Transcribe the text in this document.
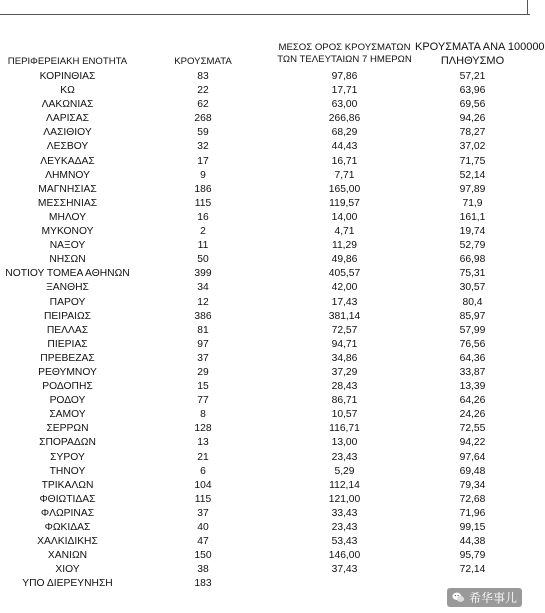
ΠΕΡΙΦΕΡΕΙΑΚΗ ΕΝΟΤΗΤΑ	ΚΡΟΥΣΜΑΤΑ
ΜΕΣΟΣ ΟΡΟΣ ΚΡΟΥΣΜΑΤΩΝ
ΤΩΝ ΤΕΛΕΥΤΑΙΩΝ 7 ΗΜΕΡΩΝ
ΚΡΟΥΣΜΑΤΑ ΑΝΑ 100000
ΠΛΗΘΥΣΜΟ
ΚΟΡΙΝΘΙΑΣ	83	97,86	57,21
ΚΩ	22	17,71	63,96
ΛΑΚΩΝΙΑΣ	62	63,00	69,56
ΛΑΡΙΣΑΣ	268	266,86	94,26
ΛΑΣΙΘΙΟΥ	59	68,29	78,27
ΛΕΣΒΟΥ	32	44,43	37,02
ΛΕΥΚΑΔΑΣ	17	16,71	71,75
ΛΗΜΝΟΥ	9	7,71	52,14
ΜΑΓΝΗΣΙΑΣ	186	165,00	97,89
ΜΕΣΣΗΝΙΑΣ	115	119,57	71,9
ΜΗΛΟΥ	16	14,00	161,1
ΜΥΚΟΝΟΥ	2	4,71	19,74
ΝΑΞΟΥ	11	11,29	52,79
ΝΗΣΩΝ	50	49,86	66,98
ΝΟΤΙΟΥ ΤΟΜΕΑ ΑΘΗΝΩΝ	399	405,57	75,31
ΞΑΝΘΗΣ	34	42,00	30,57
ΠΑΡΟΥ	12	17,43	80,4
ΠΕΙΡΑΙΩΣ	386	381,14	85,97
ΠΕΛΛΑΣ	81	72,57	57,99
ΠΙΕΡΙΑΣ	97	94,71	76,56
ΠΡΕΒΕΖΑΣ	37	34,86	64,36
ΡΕΘΥΜΝΟΥ	29	37,29	33,87
ΡΟΔΟΠΗΣ	15	28,43	13,39
ΡΟΔΟΥ	77	86,71	64,26
ΣΑΜΟΥ	8	10,57	24,26
ΣΕΡΡΩΝ	128	116,71	72,55
ΣΠΟΡΑΔΩΝ	13	13,00	94,22
ΣΥΡΟΥ	21	23,43	97,64
ΤΗΝΟΥ	6	5,29	69,48
ΤΡΙΚΑΛΩΝ	104	112,14	79,34
ΦΘΙΩΤΙΔΑΣ	115	121,00	72,68
ΦΛΩΡΙΝΑΣ	37	33,43	71,96
ΦΩΚΙΔΑΣ	40	23,43	99,15
ΧΑΛΚΙΔΙΚΗΣ	47	53,43	44,38
ΧΑΝΙΩΝ	150	146,00	95,79
ΧΙΟΥ	38	37,43	72,14
ΥΠΟ ΔΙΕΡΕΥΝΗΣΗ	183
希华事儿
